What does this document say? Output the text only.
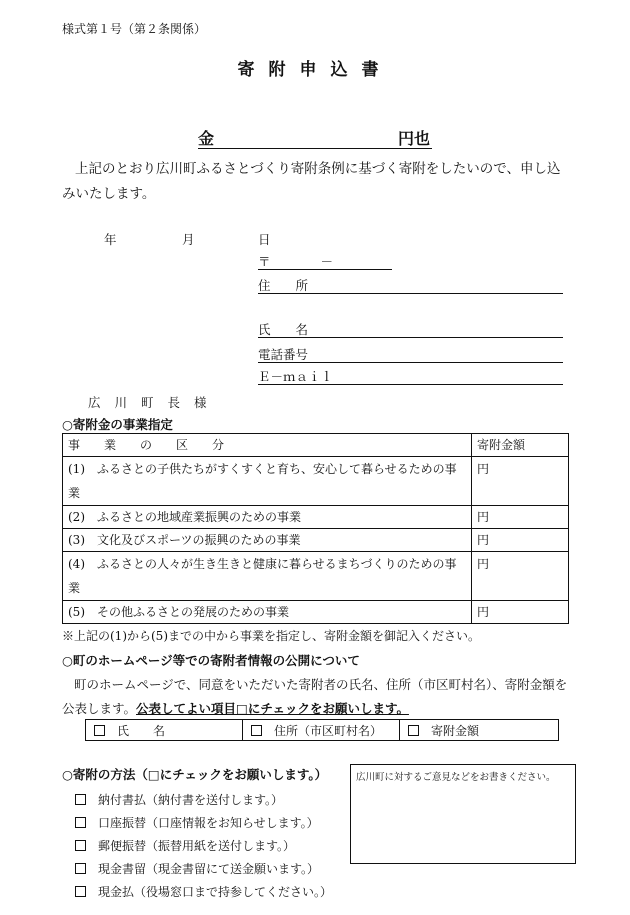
様式第１号（第２条関係）
寄附申込書
金	円也
上記のとおり広川町ふるさとづくり寄附条例に基づく寄附をしたいので、申し込みいたします。
年	月	日
〒　　　　－
住　　所
氏　　名
電話番号
Ｅ－ｍａｉｌ
広川町長様
○寄附金の事業指定
事　　業　　の　　区　　分	寄附金額
(1)　ふるさとの子供たちがすくすくと育ち、安心して暮らせるための事業	円
(2)　ふるさとの地域産業振興のための事業	円
(3)　文化及びスポーツの振興のための事業	円
(4)　ふるさとの人々が生き生きと健康に暮らせるまちづくりのための事業	円
(5)　その他ふるさとの発展のための事業	円
※上記の(1)から(5)までの中から事業を指定し、寄附金額を御記入ください。
○町のホームページ等での寄附者情報の公開について
町のホームページで、同意をいただいた寄附者の氏名、住所（市区町村名）、寄附金額を公表します。公表してよい項目□にチェックをお願いします。
氏　　名	住所（市区町村名）	寄附金額
○寄附の方法（□にチェックをお願いします。）
納付書払（納付書を送付します。）
口座振替（口座情報をお知らせします。）
郵便振替（振替用紙を送付します。）
現金書留（現金書留にて送金願います。）
現金払（役場窓口まで持参してください。）
広川町に対するご意見などをお書きください。
